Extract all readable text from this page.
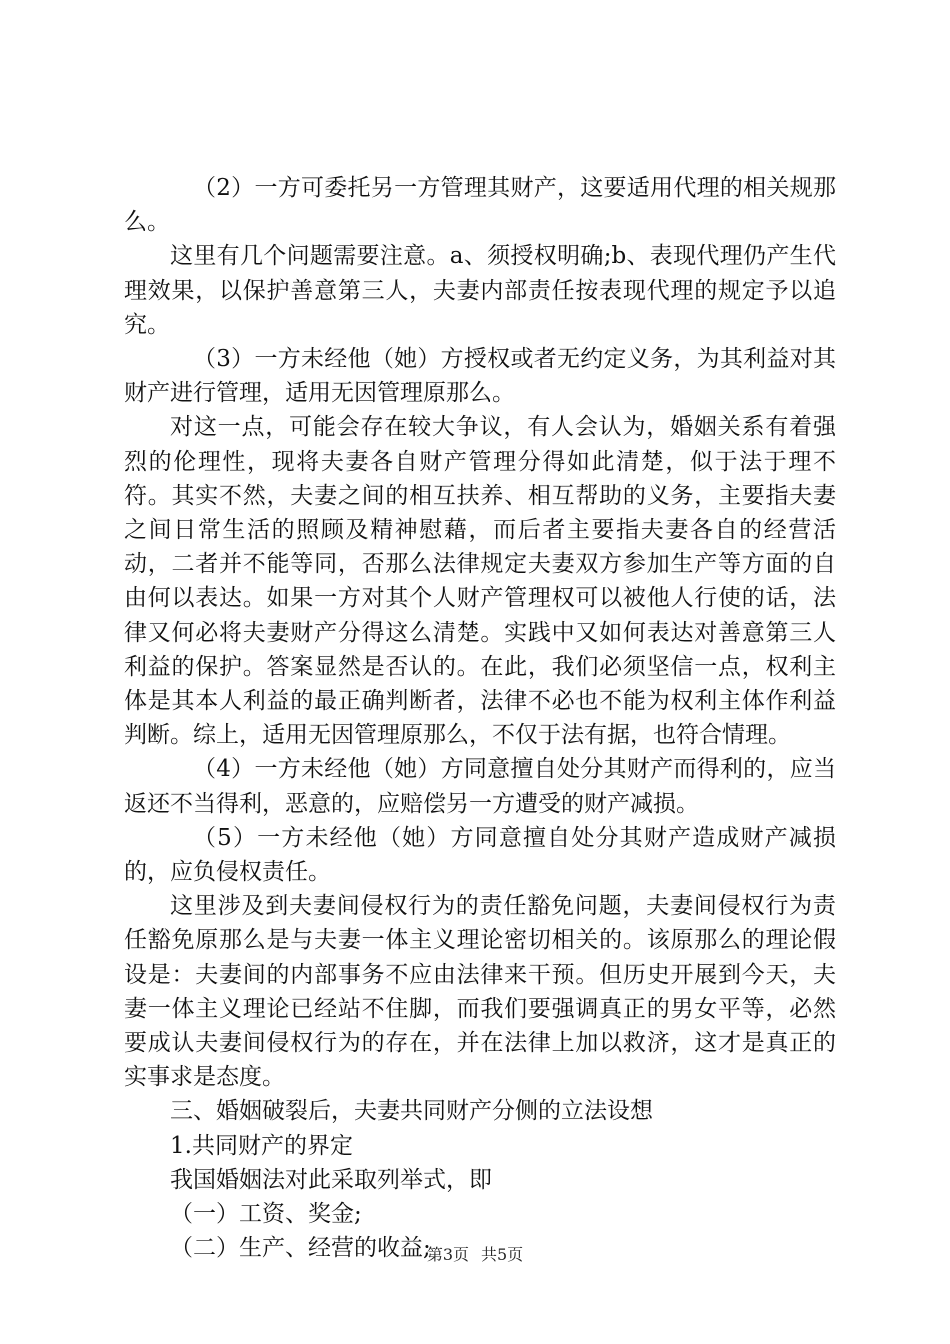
（2）一方可委托另一方管理其财产，这要适用代理的相关规那么。

这里有几个问题需要注意。a、须授权明确;b、表现代理仍产生代理效果，以保护善意第三人，夫妻内部责任按表现代理的规定予以追究。

（3）一方未经他（她）方授权或者无约定义务，为其利益对其财产进行管理，适用无因管理原那么。

对这一点，可能会存在较大争议，有人会认为，婚姻关系有着强烈的伦理性，现将夫妻各自财产管理分得如此清楚，似于法于理不符。其实不然，夫妻之间的相互扶养、相互帮助的义务，主要指夫妻之间日常生活的照顾及精神慰藉，而后者主要指夫妻各自的经营活动，二者并不能等同，否那么法律规定夫妻双方参加生产等方面的自由何以表达。如果一方对其个人财产管理权可以被他人行使的话，法律又何必将夫妻财产分得这么清楚。实践中又如何表达对善意第三人利益的保护。答案显然是否认的。在此，我们必须坚信一点，权利主体是其本人利益的最正确判断者，法律不必也不能为权利主体作利益判断。综上，适用无因管理原那么，不仅于法有据，也符合情理。

（4）一方未经他（她）方同意擅自处分其财产而得利的，应当返还不当得利，恶意的，应赔偿另一方遭受的财产减损。

（5）一方未经他（她）方同意擅自处分其财产造成财产减损的，应负侵权责任。

这里涉及到夫妻间侵权行为的责任豁免问题，夫妻间侵权行为责任豁免原那么是与夫妻一体主义理论密切相关的。该原那么的理论假设是：夫妻间的内部事务不应由法律来干预。但历史开展到今天，夫妻一体主义理论已经站不住脚，而我们要强调真正的男女平等，必然要成认夫妻间侵权行为的存在，并在法律上加以救济，这才是真正的实事求是态度。

三、婚姻破裂后，夫妻共同财产分侧的立法设想

1.共同财产的界定

我国婚姻法对此采取列举式，即

（一）工资、奖金;

（二）生产、经营的收益;

第3页 共5页
